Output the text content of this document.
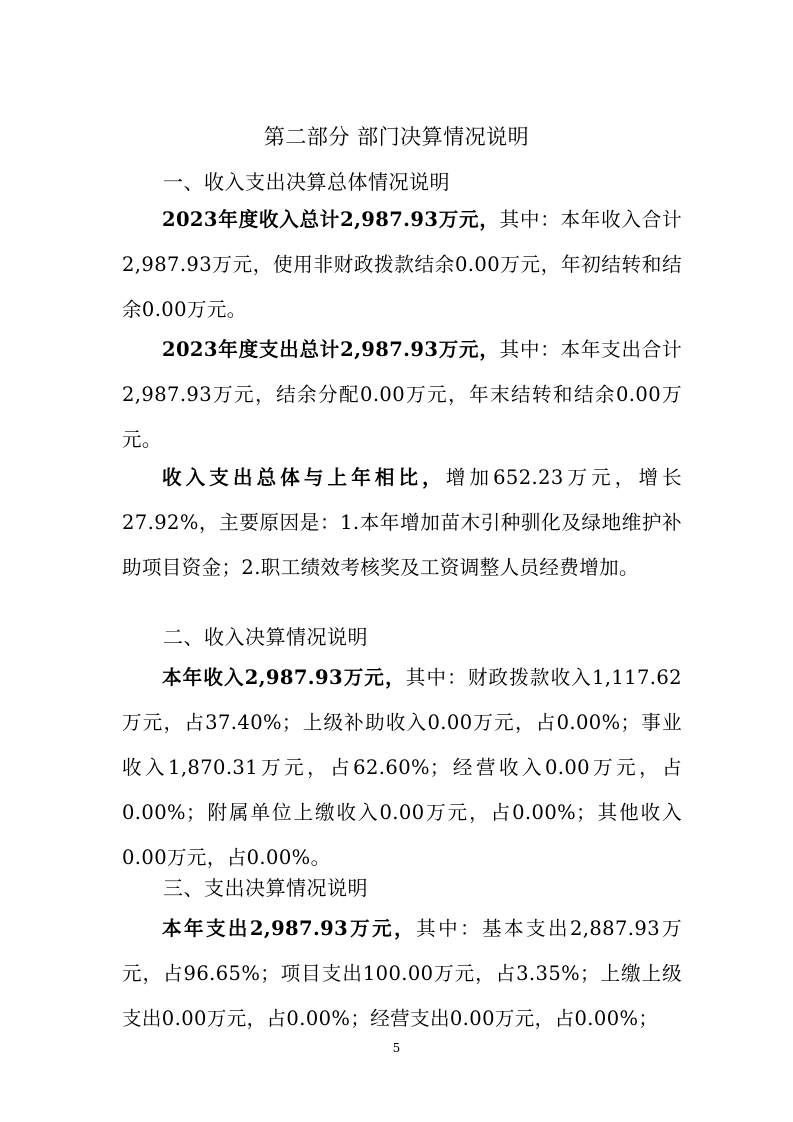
第二部分 部门决算情况说明
一、收入支出决算总体情况说明

2023年度收入总计2,987.93万元，其中：本年收入合计2,987.93万元，使用非财政拨款结余0.00万元，年初结转和结余0.00万元。

2023年度支出总计2,987.93万元，其中：本年支出合计2,987.93万元，结余分配0.00万元，年末结转和结余0.00万元。

收入支出总体与上年相比，增加652.23万元，增长27.92%，主要原因是：1.本年增加苗木引种驯化及绿地维护补助项目资金；2.职工绩效考核奖及工资调整人员经费增加。

二、收入决算情况说明

本年收入2,987.93万元，其中：财政拨款收入1,117.62万元，占37.40%；上级补助收入0.00万元，占0.00%；事业收入1,870.31万元，占62.60%；经营收入0.00万元，占0.00%；附属单位上缴收入0.00万元，占0.00%；其他收入0.00万元，占0.00%。

三、支出决算情况说明

本年支出2,987.93万元，其中：基本支出2,887.93万元，占96.65%；项目支出100.00万元，占3.35%；上缴上级支出0.00万元，占0.00%；经营支出0.00万元，占0.00%；

5
